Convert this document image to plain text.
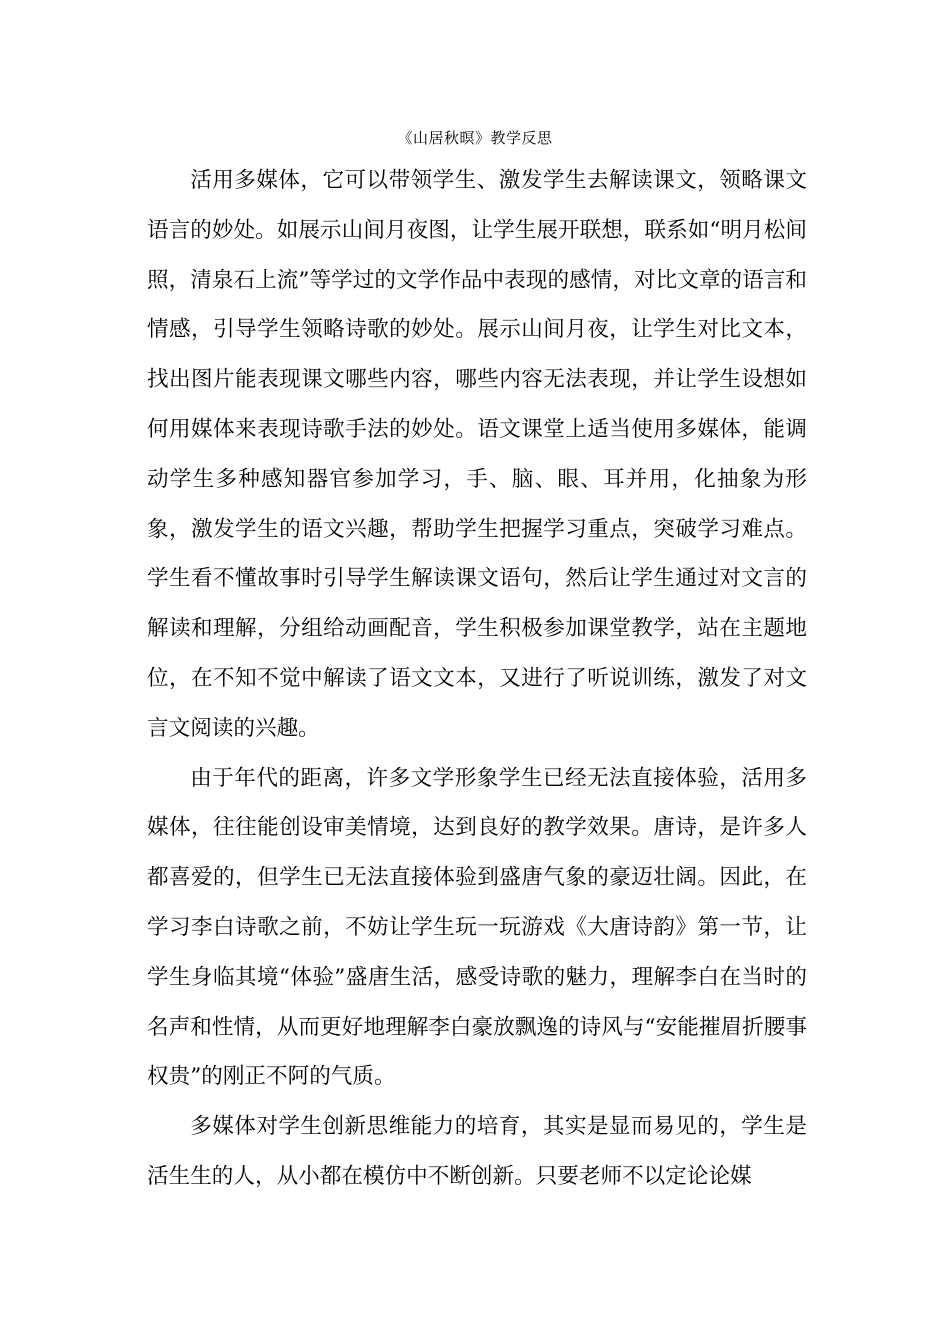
《山居秋暝》教学反思

活用多媒体，它可以带领学生、激发学生去解读课文，领略课文语言的妙处。如展示山间月夜图，让学生展开联想，联系如“明月松间照，清泉石上流”等学过的文学作品中表现的感情，对比文章的语言和情感，引导学生领略诗歌的妙处。展示山间月夜，让学生对比文本，找出图片能表现课文哪些内容，哪些内容无法表现，并让学生设想如何用媒体来表现诗歌手法的妙处。语文课堂上适当使用多媒体，能调动学生多种感知器官参加学习，手、脑、眼、耳并用，化抽象为形象，激发学生的语文兴趣，帮助学生把握学习重点，突破学习难点。学生看不懂故事时引导学生解读课文语句，然后让学生通过对文言的解读和理解，分组给动画配音，学生积极参加课堂教学，站在主题地位，在不知不觉中解读了语文文本，又进行了听说训练，激发了对文言文阅读的兴趣。

由于年代的距离，许多文学形象学生已经无法直接体验，活用多媒体，往往能创设审美情境，达到良好的教学效果。唐诗，是许多人都喜爱的，但学生已无法直接体验到盛唐气象的豪迈壮阔。因此，在学习李白诗歌之前，不妨让学生玩一玩游戏《大唐诗韵》第一节，让学生身临其境“体验”盛唐生活，感受诗歌的魅力，理解李白在当时的名声和性情，从而更好地理解李白豪放飘逸的诗风与“安能摧眉折腰事权贵”的刚正不阿的气质。

多媒体对学生创新思维能力的培育，其实是显而易见的，学生是活生生的人，从小都在模仿中不断创新。只要老师不以定论论媒
